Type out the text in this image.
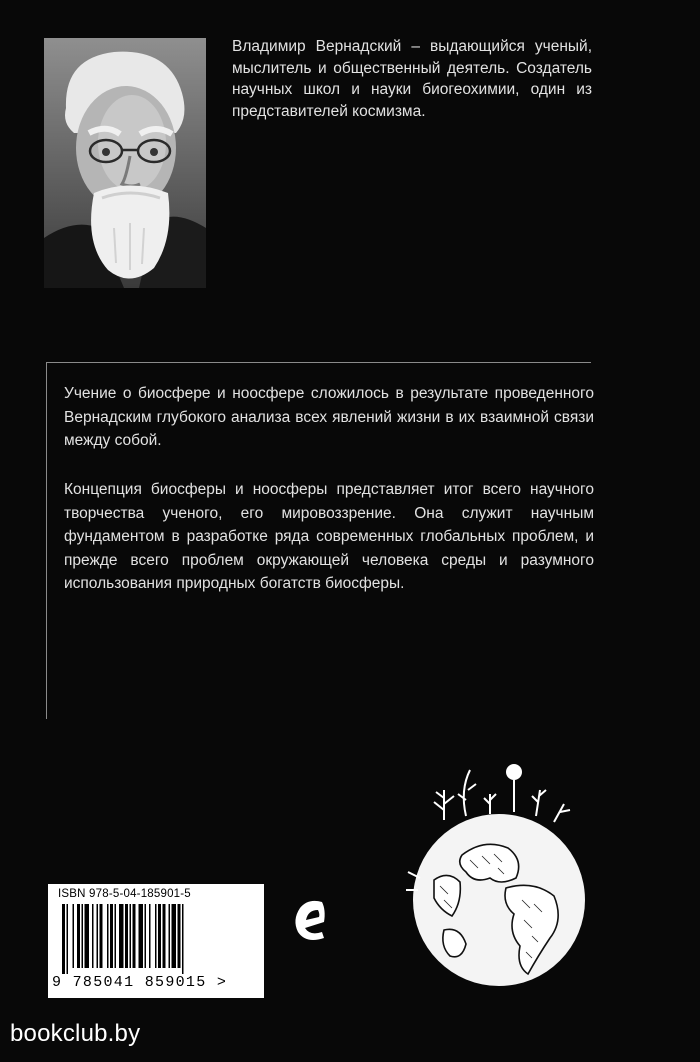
Владимир Вернадский – выдающийся ученый, мыслитель и общественный деятель. Создатель научных школ и науки биогеохимии, один из представителей космизма.

Учение о биосфере и ноосфере сложилось в результате проведенного Вернадским глубокого анализа всех явлений жизни в их взаимной связи между собой.

Концепция биосферы и ноосферы представляет итог всего научного творчества ученого, его мировоззрение. Она служит научным фундаментом в разработке ряда современных глобальных проблем, и прежде всего проблем окружающей человека среды и разумного использования природных богатств биосферы.

ISBN 978-5-04-185901-5
9 785041 859015 >
bookclub.by
